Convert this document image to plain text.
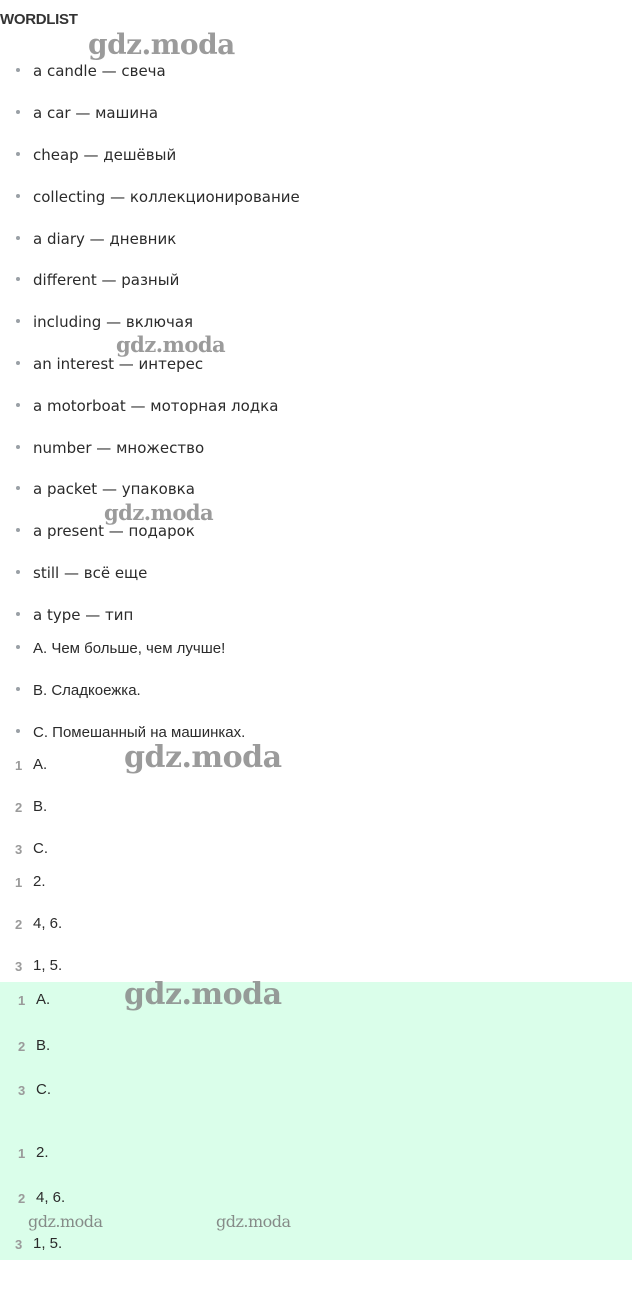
WORDLIST
a candle — свеча
a car — машина
cheap — дешёвый
collecting — коллекционирование
a diary — дневник
different — разный
including — включая
an interest — интерес
a motorboat — моторная лодка
number — множество
a packet — упаковка
a present — подарок
still — всё еще
a type — тип
A. Чем больше, чем лучше!
B. Сладкоежка.
C. Помешанный на машинках.
1 A.
2 B.
3 C.
1 2.
2 4, 6.
3 1, 5.
1 A.
2 B.
3 C.
1 2.
2 4, 6.
3 1, 5.
gdz.moda
gdz.moda
gdz.moda
gdz.moda
gdz.moda
gdz.moda	gdz.moda
